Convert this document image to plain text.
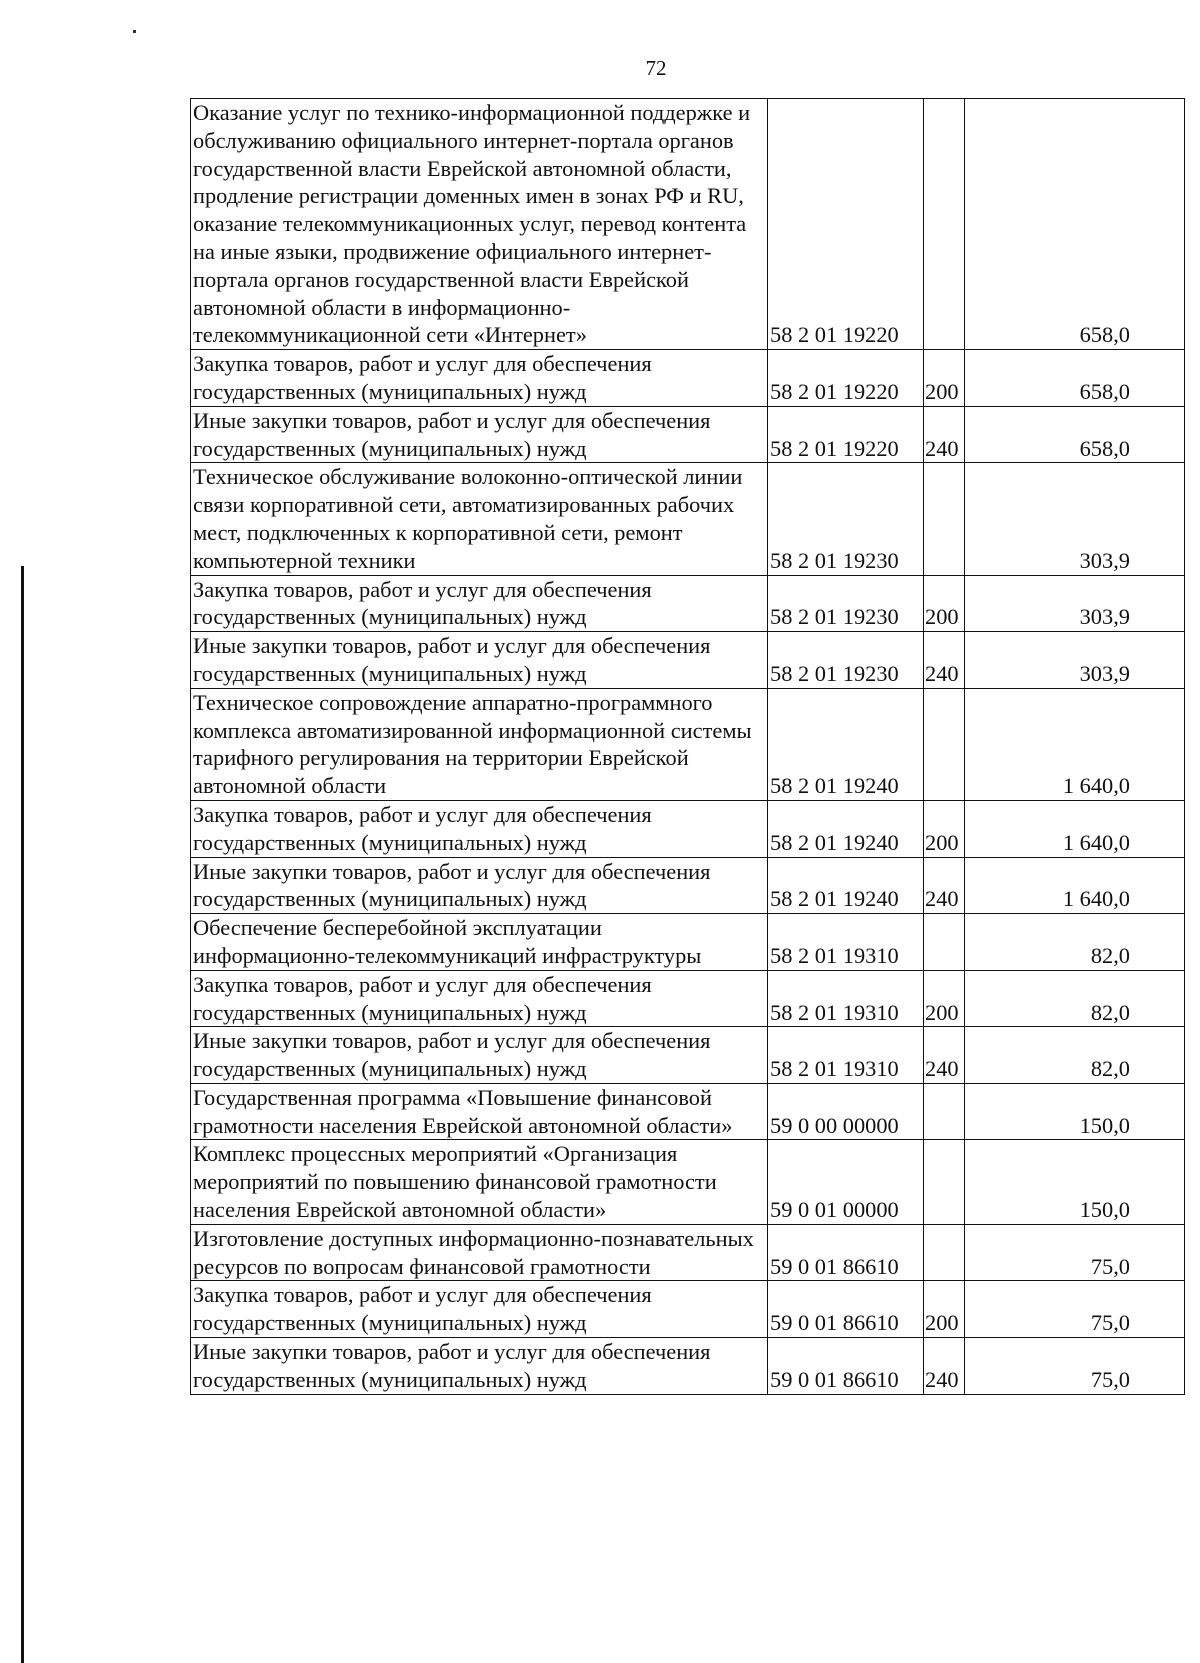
72
Оказание услуг по технико-информационной поддержке и обслуживанию официального интернет-портала органов государственной власти Еврейской автономной области, продление регистрации доменных имен в зонах РФ и RU, оказание телекоммуникационных услуг, перевод контента на иные языки, продвижение официального интернет-портала органов государственной власти Еврейской автономной области в информационно-телекоммуникационной сети «Интернет»	58 2 01 19220		658,0
Закупка товаров, работ и услуг для обеспечения государственных (муниципальных) нужд	58 2 01 19220	200	658,0
Иные закупки товаров, работ и услуг для обеспечения государственных (муниципальных) нужд	58 2 01 19220	240	658,0
Техническое обслуживание волоконно-оптической линии связи корпоративной сети, автоматизированных рабочих мест, подключенных к корпоративной сети, ремонт компьютерной техники	58 2 01 19230		303,9
Закупка товаров, работ и услуг для обеспечения государственных (муниципальных) нужд	58 2 01 19230	200	303,9
Иные закупки товаров, работ и услуг для обеспечения государственных (муниципальных) нужд	58 2 01 19230	240	303,9
Техническое сопровождение аппаратно-программного комплекса автоматизированной информационной системы тарифного регулирования на территории Еврейской автономной области	58 2 01 19240		1 640,0
Закупка товаров, работ и услуг для обеспечения государственных (муниципальных) нужд	58 2 01 19240	200	1 640,0
Иные закупки товаров, работ и услуг для обеспечения государственных (муниципальных) нужд	58 2 01 19240	240	1 640,0
Обеспечение бесперебойной эксплуатации информационно-телекоммуникаций инфраструктуры	58 2 01 19310		82,0
Закупка товаров, работ и услуг для обеспечения государственных (муниципальных) нужд	58 2 01 19310	200	82,0
Иные закупки товаров, работ и услуг для обеспечения государственных (муниципальных) нужд	58 2 01 19310	240	82,0
Государственная программа «Повышение финансовой грамотности населения Еврейской автономной области»	59 0 00 00000		150,0
Комплекс процессных мероприятий «Организация мероприятий по повышению финансовой грамотности населения Еврейской автономной области»	59 0 01 00000		150,0
Изготовление доступных информационно-познавательных ресурсов по вопросам финансовой грамотности	59 0 01 86610		75,0
Закупка товаров, работ и услуг для обеспечения государственных (муниципальных) нужд	59 0 01 86610	200	75,0
Иные закупки товаров, работ и услуг для обеспечения государственных (муниципальных) нужд	59 0 01 86610	240	75,0
